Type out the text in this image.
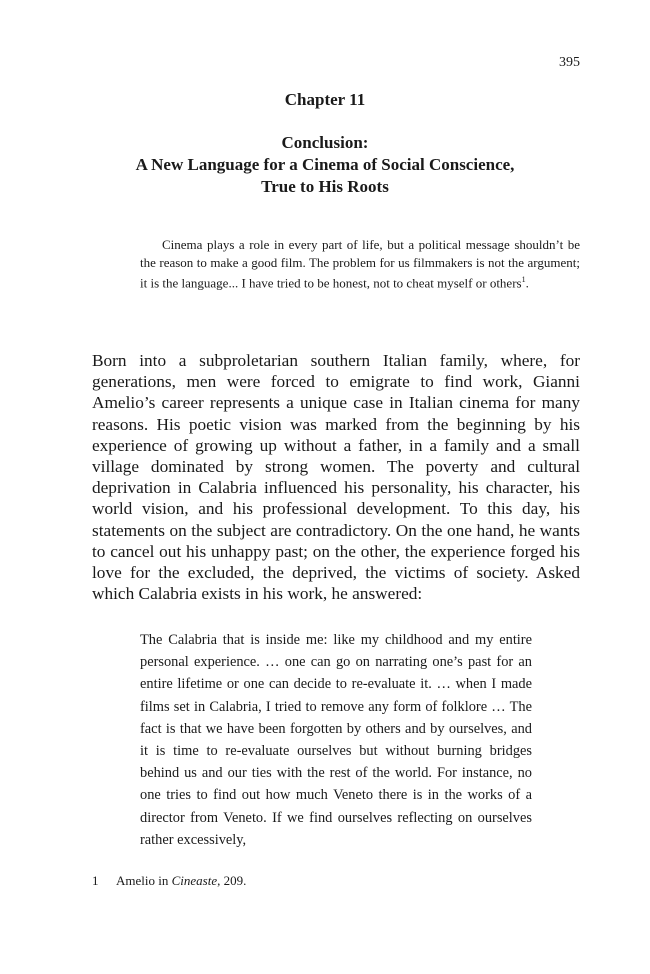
395
Chapter 11
Conclusion:
A New Language for a Cinema of Social Conscience,
True to His Roots
Cinema plays a role in every part of life, but a political message shouldn’t be the reason to make a good film. The problem for us filmmakers is not the argument; it is the language... I have tried to be honest, not to cheat myself or others$^1$.

Born into a subproletarian southern Italian family, where, for generations, men were forced to emigrate to find work, Gianni Amelio’s career represents a unique case in Italian cinema for many reasons. His poetic vision was marked from the beginning by his experience of growing up without a father, in a family and a small village dominated by strong women. The poverty and cultural deprivation in Calabria influenced his personality, his character, his world vision, and his professional development. To this day, his statements on the subject are contradictory. On the one hand, he wants to cancel out his unhappy past; on the other, the experience forged his love for the excluded, the deprived, the victims of society. Asked which Calabria exists in his work, he answered:

The Calabria that is inside me: like my childhood and my entire personal experience. … one can go on narrating one’s past for an entire lifetime or one can decide to re-evaluate it. … when I made films set in Calabria, I tried to remove any form of folklore … The fact is that we have been forgotten by others and by ourselves, and it is time to re-evaluate ourselves but without burning bridges behind us and our ties with the rest of the world. For instance, no one tries to find out how much Veneto there is in the works of a director from Veneto. If we find ourselves reflecting on ourselves rather excessively,

1 Amelio in Cineaste, 209.
